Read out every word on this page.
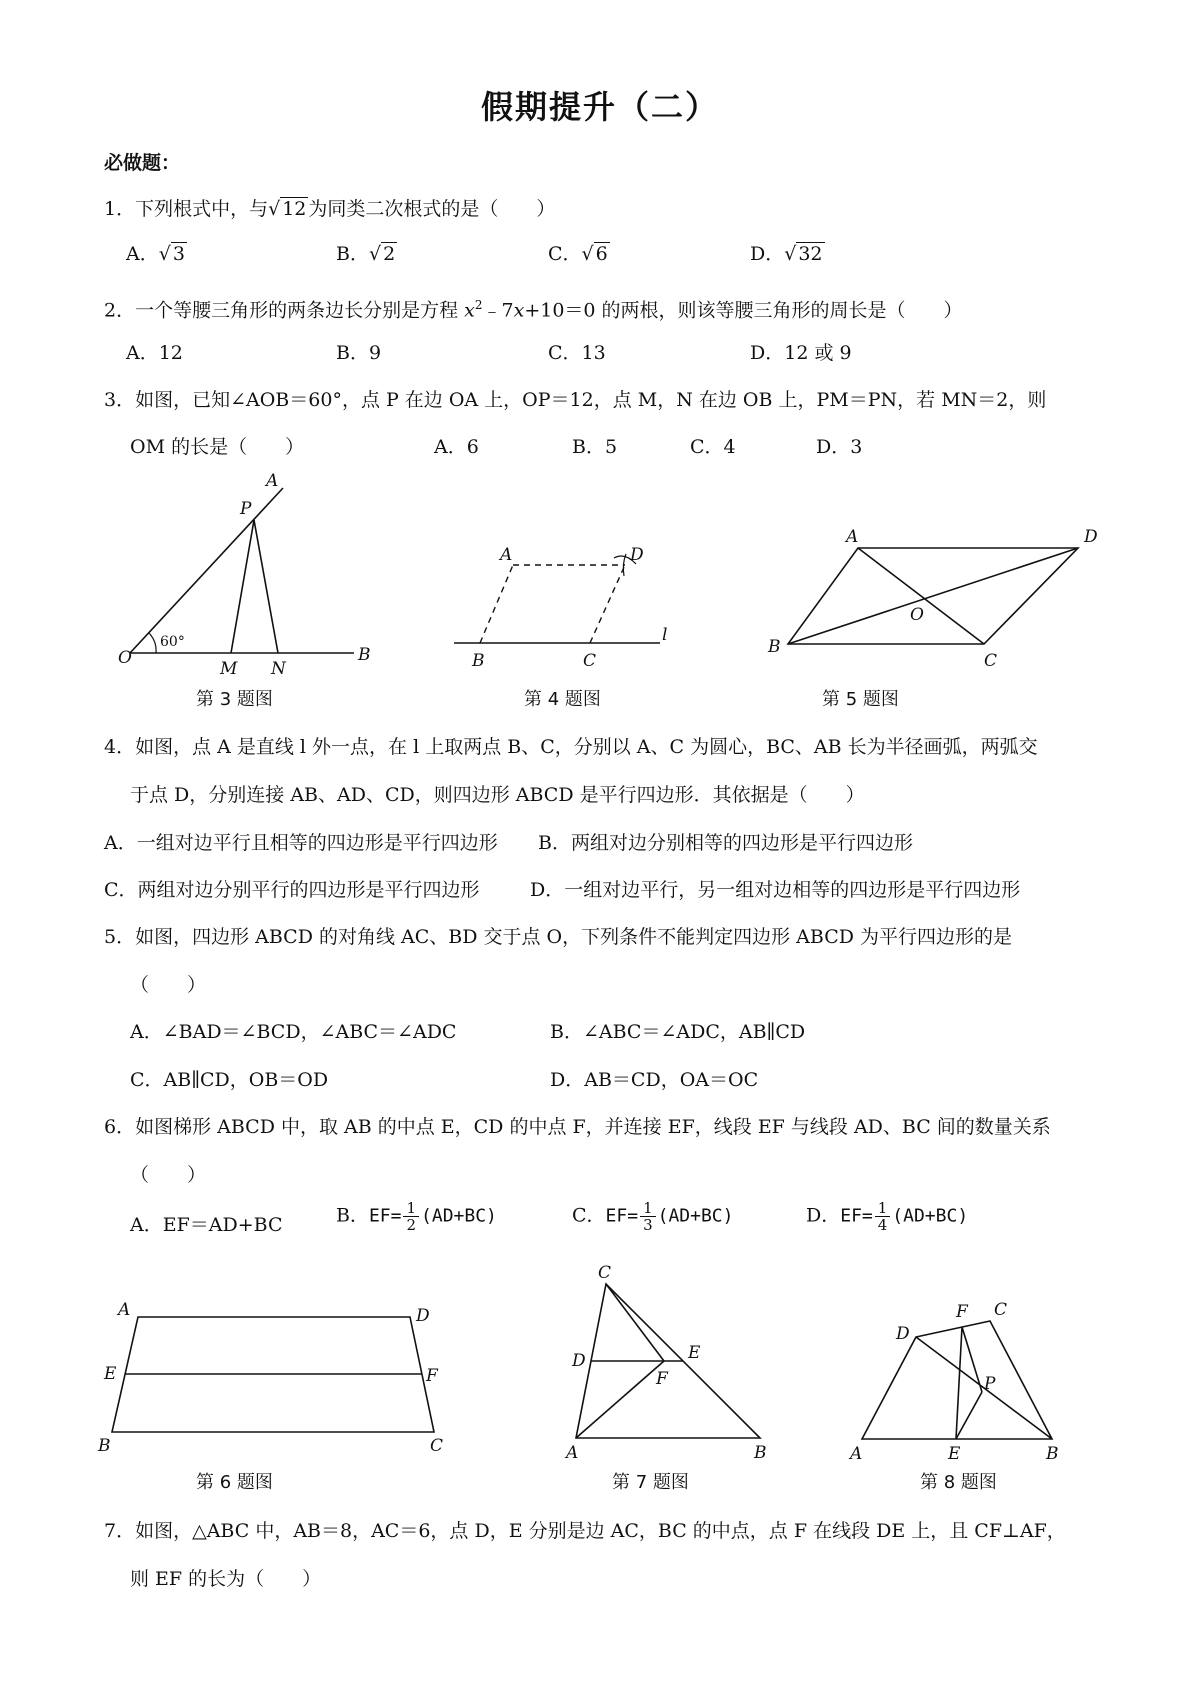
假期提升（二）
必做题：
1．下列根式中，与√ 12 为同类二次根式的是（　　）
A．√ 3	B．√ 2	C．√ 6	D．√ 32
2．一个等腰三角形的两条边长分别是方程 $x^2﹣7x+10=0$ 的两根，则该等腰三角形的周长是（　　）
A．12	B．9	C．13	D．12 或 9
3．如图，已知∠AOB＝60°，点 P 在边 OA 上，OP＝12，点 M，N 在边 OB 上，PM＝PN，若 MN＝2，则
OM 的长是（　　）	A．6	B．5	C．4	D．3
A
P
O
M N
B
60°
A	D
B	C
l
A	D
B
C
O
第 3 题图	第 4 题图	第 5 题图
4．如图，点 A 是直线 l 外一点，在 l 上取两点 B、C，分别以 A、C 为圆心，BC、AB 长为半径画弧，两弧交
于点 D，分别连接 AB、AD、CD，则四边形 ABCD 是平行四边形．其依据是（　　）
A．一组对边平行且相等的四边形是平行四边形 B．两组对边分别相等的四边形是平行四边形
C．两组对边分别平行的四边形是平行四边形	D．一组对边平行，另一组对边相等的四边形是平行四边形
5．如图，四边形 ABCD 的对角线 AC、BD 交于点 O，下列条件不能判定四边形 ABCD 为平行四边形的是
（　　）
A．∠BAD＝∠BCD，∠ABC＝∠ADC	B．∠ABC＝∠ADC，AB∥CD
C．AB∥CD，OB＝OD	D．AB＝CD，OA＝OC
6．如图梯形 ABCD 中，取 AB 的中点 E，CD 的中点 F，并连接 EF，线段 EF 与线段 AD、BC 间的数量关系
（　　）
A．EF＝AD+BC	B．$EF= \frac{1}{2} (AD+BC)$	C．$EF= \frac{1}{3} (AD+BC)$	D．$EF= \frac{1}{4} (AD+BC)$
A	D
E	F
B	C
C
D	E
F
A	B
D
F C
P
A	E	B
第 6 题图	第 7 题图	第 8 题图
7．如图，△ABC 中，AB＝8，AC＝6，点 D，E 分别是边 AC，BC 的中点，点 F 在线段 DE 上，且 CF⊥AF，
则 EF 的长为（　　）
